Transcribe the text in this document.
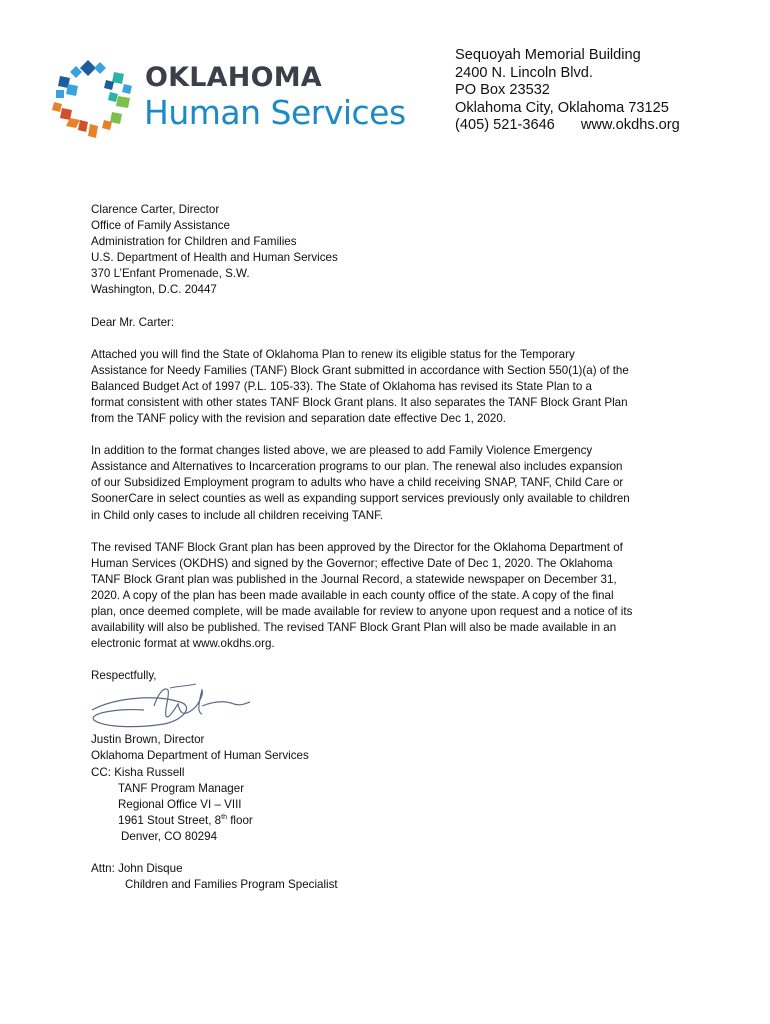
OKLAHOMA
Human Services
Sequoyah Memorial Building
2400 N. Lincoln Blvd.
PO Box 23532
Oklahoma City, Oklahoma 73125
(405) 521-3646 www.okdhs.org
Clarence Carter, Director
Office of Family Assistance
Administration for Children and Families
U.S. Department of Health and Human Services
370 L’Enfant Promenade, S.W.
Washington, D.C. 20447
Dear Mr. Carter:
Attached you will find the State of Oklahoma Plan to renew its eligible status for the Temporary
Assistance for Needy Families (TANF) Block Grant submitted in accordance with Section 550(1)(a) of the
Balanced Budget Act of 1997 (P.L. 105-33). The State of Oklahoma has revised its State Plan to a
format consistent with other states TANF Block Grant plans. It also separates the TANF Block Grant Plan
from the TANF policy with the revision and separation date effective Dec 1, 2020.
In addition to the format changes listed above, we are pleased to add Family Violence Emergency
Assistance and Alternatives to Incarceration programs to our plan. The renewal also includes expansion
of our Subsidized Employment program to adults who have a child receiving SNAP, TANF, Child Care or
SoonerCare in select counties as well as expanding support services previously only available to children
in Child only cases to include all children receiving TANF.
The revised TANF Block Grant plan has been approved by the Director for the Oklahoma Department of
Human Services (OKDHS) and signed by the Governor; effective Date of Dec 1, 2020. The Oklahoma
TANF Block Grant plan was published in the Journal Record, a statewide newspaper on December 31,
2020. A copy of the plan has been made available in each county office of the state. A copy of the final
plan, once deemed complete, will be made available for review to anyone upon request and a notice of its
availability will also be published. The revised TANF Block Grant Plan will also be made available in an
electronic format at www.okdhs.org.
Respectfully,
Justin Brown, Director
Oklahoma Department of Human Services
CC: Kisha Russell
TANF Program Manager
Regional Office VI – VIII
1961 Stout Street, 8th floor
Denver, CO 80294
Attn: John Disque
Children and Families Program Specialist
